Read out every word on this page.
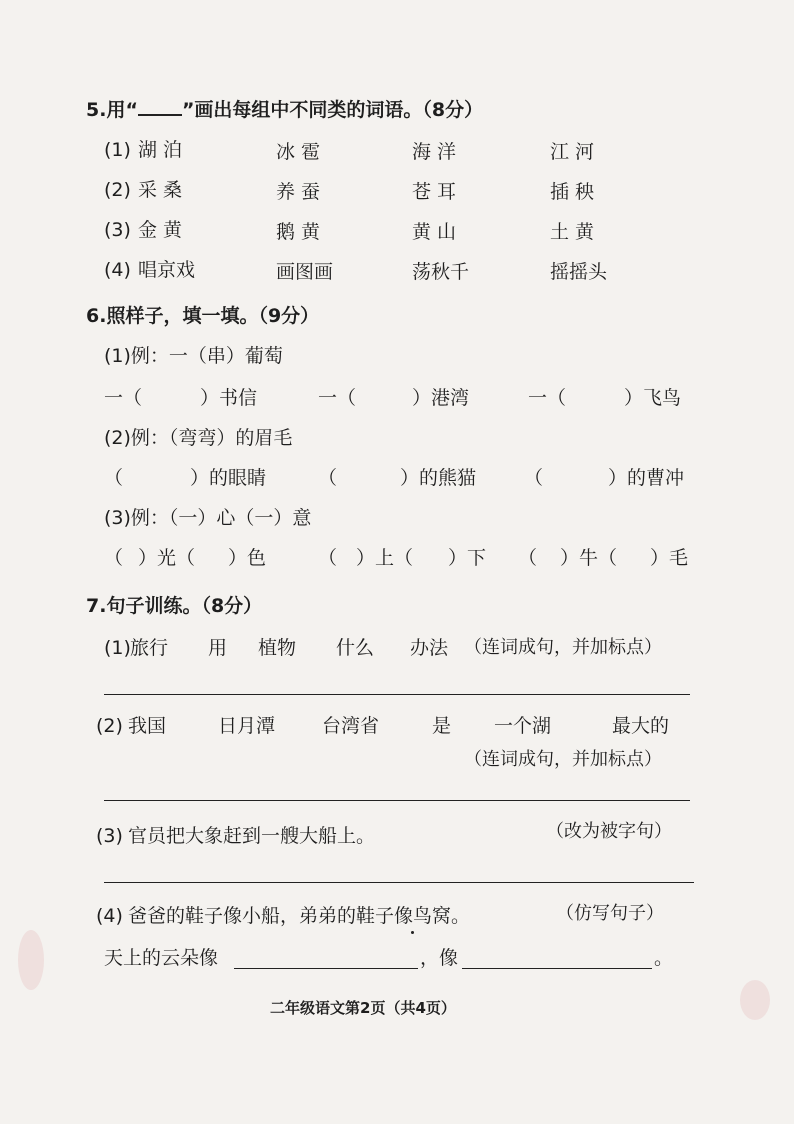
5.用“ ”画出每组中不同类的词语。（8分）
(1) 湖 泊	冰 雹	海 洋	江 河
(2) 采 桑	养 蚕	苍 耳	插 秧
(3) 金 黄	鹅 黄	黄 山	土 黄
(4) 唱京戏	画图画	荡秋千	摇摇头
6.照样子，填一填。（9分）
(1)例：一（串）葡萄
一（	）书信	一（	）港湾	一（	）飞鸟
(2)例：（弯弯）的眉毛
（	）的眼睛	（	）的熊猫	（	）的曹冲
(3)例：（一）心（一）意
（ ）光（ ）色	（ ）上（ ）下 （ ）牛（ ）毛
7.句子训练。（8分）
(1) 旅行 用 植物 什么 办法 （连词成句，并加标点）
(2) 我国	日月潭 台湾省	是 一个湖	最大的
（连词成句，并加标点）
(3) 官员把大象赶到一艘大船上。	（改为被字句）
(4) 爸爸的鞋子像小船，弟弟的鞋子像鸟窝。	（仿写句子）
天上的云朵像	，像	。
二年级语文第2页（共4页）
